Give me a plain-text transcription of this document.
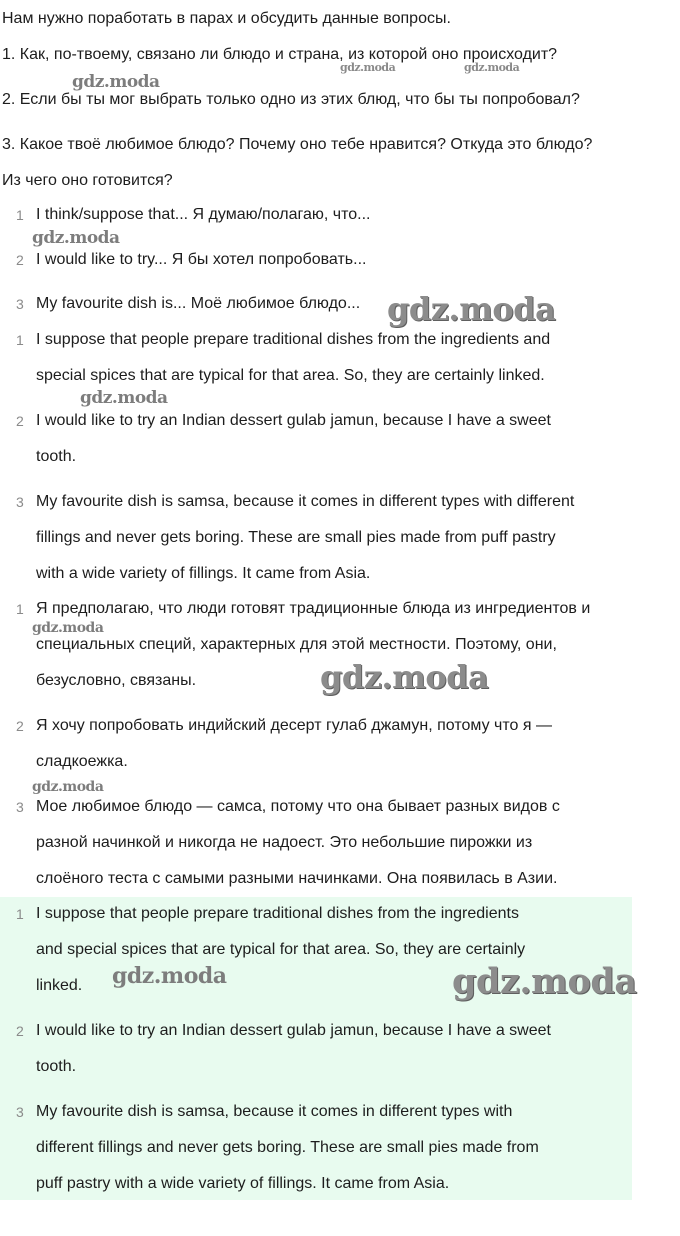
Нам нужно поработать в парах и обсудить данные вопросы.
1. Как, по-твоему, связано ли блюдо и страна, из которой оно происходит?
2. Если бы ты мог выбрать только одно из этих блюд, что бы ты попробовал?
3. Какое твоё любимое блюдо? Почему оно тебе нравится? Откуда это блюдо?
Из чего оно готовится?
1 I think/suppose that... Я думаю/полагаю, что...
2 I would like to try... Я бы хотел попробовать...
3 My favourite dish is... Моё любимое блюдо...
1 I suppose that people prepare traditional dishes from the ingredients and
special spices that are typical for that area. So, they are certainly linked.
2 I would like to try an Indian dessert gulab jamun, because I have a sweet
tooth.
3 My favourite dish is samsa, because it comes in different types with different
fillings and never gets boring. These are small pies made from puff pastry
with a wide variety of fillings. It came from Asia.
1 Я предполагаю, что люди готовят традиционные блюда из ингредиентов и
специальных специй, характерных для этой местности. Поэтому, они,
безусловно, связаны.
2 Я хочу попробовать индийский десерт гулаб джамун, потому что я —
сладкоежка.
3 Мое любимое блюдо — самса, потому что она бывает разных видов с
разной начинкой и никогда не надоест. Это небольшие пирожки из
слоёного теста с самыми разными начинками. Она появилась в Азии.
1 I suppose that people prepare traditional dishes from the ingredients
and special spices that are typical for that area. So, they are certainly
linked.
2 I would like to try an Indian dessert gulab jamun, because I have a sweet
tooth.
3 My favourite dish is samsa, because it comes in different types with
different fillings and never gets boring. These are small pies made from
puff pastry with a wide variety of fillings. It came from Asia.
gdz.moda	gdz.moda
gdz.moda
gdz.moda
gdz.moda
gdz.moda
gdz.moda
gdz.moda
gdz.moda
gdz.moda	gdz.moda
